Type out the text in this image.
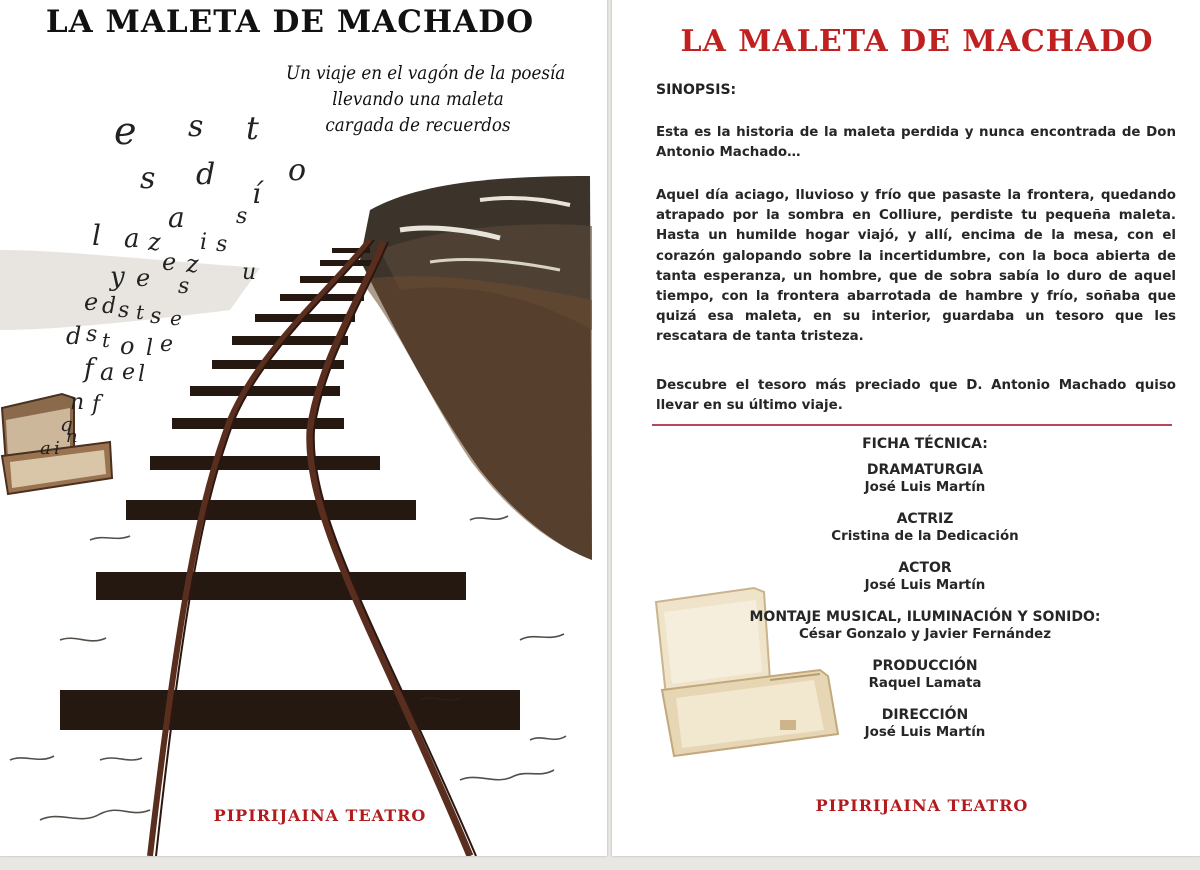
LA MALETA DE MACHADO
Un viaje en el vagón de la poesía
llevando una maleta
cargada de recuerdos
e s t
o
s d
í
a s
l a z i s
e z u
y e s
e d s t s e
d s t o l e
f a e l
n f
q
n
a i
PIPIRIJAINA TEATRO
LA MALETA DE MACHADO
SINOPSIS:

Esta es la historia de la maleta perdida y nunca encontrada de Don Antonio Machado…

Aquel día aciago, lluvioso y frío que pasaste la frontera, quedando atrapado por la sombra en Colliure, perdiste tu pequeña maleta. Hasta un humilde hogar viajó, y allí, encima de la mesa, con el corazón galopando sobre la incertidumbre, con la boca abierta de tanta esperanza, un hombre, que de sobra sabía lo duro de aquel tiempo, con la frontera abarrotada de hambre y frío, soñaba que quizá esa maleta, en su interior, guardaba un tesoro que les rescatara de tanta tristeza.

Descubre el tesoro más preciado que D. Antonio Machado quiso llevar en su último viaje.

FICHA TÉCNICA:
DRAMATURGIA
José Luis Martín
ACTRIZ
Cristina de la Dedicación
ACTOR
José Luis Martín
MONTAJE MUSICAL, ILUMINACIÓN Y SONIDO:
César Gonzalo y Javier Fernández
PRODUCCIÓN
Raquel Lamata
DIRECCIÓN
José Luis Martín
PIPIRIJAINA TEATRO
